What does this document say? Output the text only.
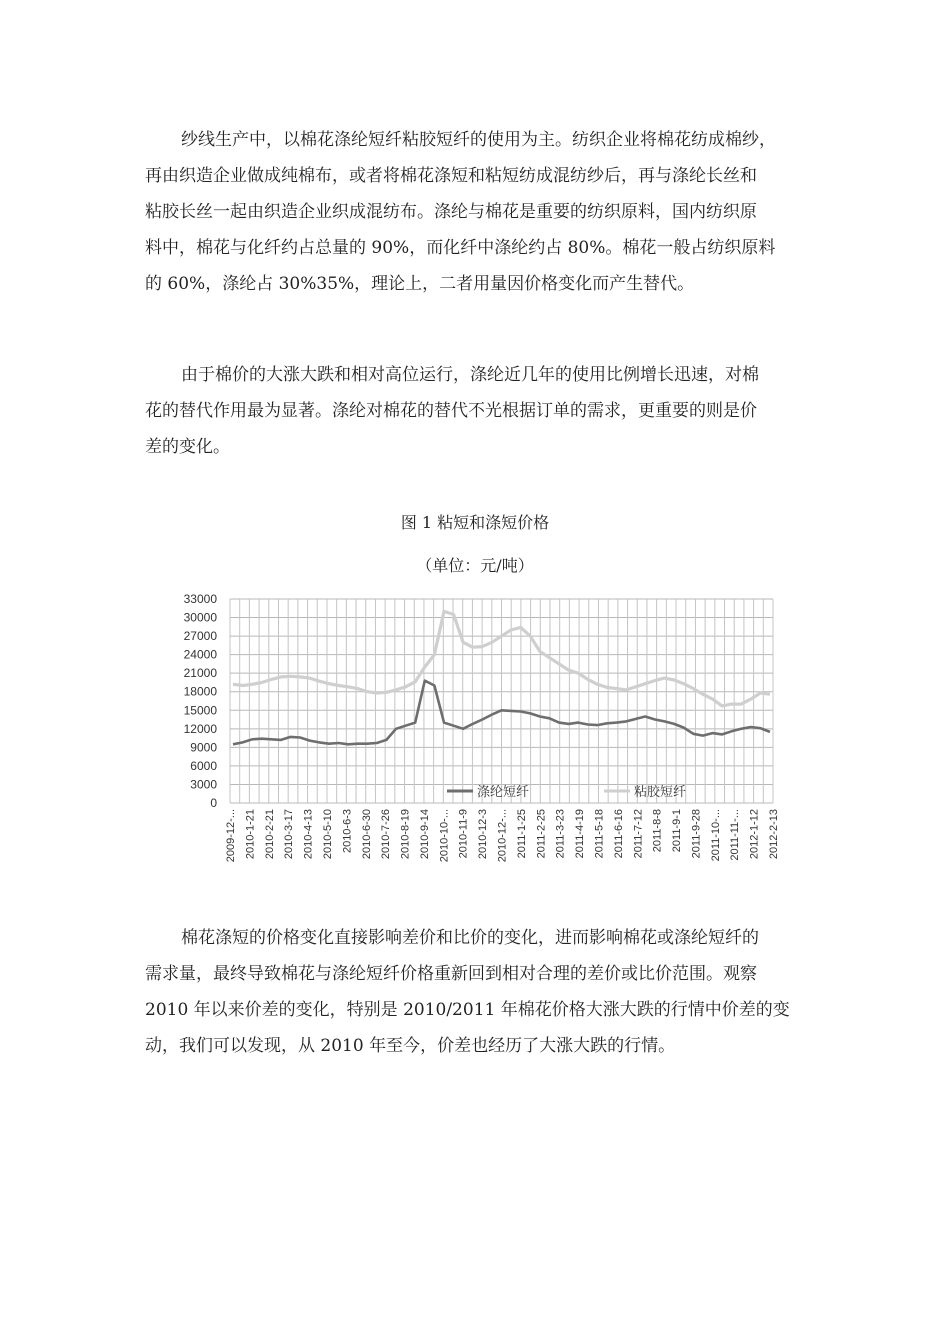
纱线生产中，以棉花涤纶短纤粘胶短纤的使用为主。纺织企业将棉花纺成棉纱，
再由织造企业做成纯棉布，或者将棉花涤短和粘短纺成混纺纱后，再与涤纶长丝和
粘胶长丝一起由织造企业织成混纺布。涤纶与棉花是重要的纺织原料，国内纺织原
料中，棉花与化纤约占总量的 90%，而化纤中涤纶约占 80%。棉花一般占纺织原料
的 60%，涤纶占 30%35%，理论上，二者用量因价格变化而产生替代。
由于棉价的大涨大跌和相对高位运行，涤纶近几年的使用比例增长迅速，对棉
花的替代作用最为显著。涤纶对棉花的替代不光根据订单的需求，更重要的则是价
差的变化。
图 1 粘短和涤短价格
（单位：元/吨）
0
3000
6000
9000
12000
15000
18000
21000
24000
27000
30000
33000
2009-12-... 2010-1-21 2010-2-21 2010-3-17 2010-4-13 2010-5-10 2010-6-3 2010-6-30 2010-7-26 2010-8-19 2010-9-14 2010-10-... 2010-11-9 2010-12-3 2010-12-... 2011-1-25 2011-2-25 2011-3-23 2011-4-19 2011-5-18 2011-6-16 2011-7-12 2011-8-8 2011-9-1 2011-9-28 2011-10-... 2011-11-... 2012-1-12 2012-2-13
涤纶短纤	粘胶短纤
棉花涤短的价格变化直接影响差价和比价的变化，进而影响棉花或涤纶短纤的
需求量，最终导致棉花与涤纶短纤价格重新回到相对合理的差价或比价范围。观察
2010 年以来价差的变化，特别是 2010/2011 年棉花价格大涨大跌的行情中价差的变
动，我们可以发现，从 2010 年至今，价差也经历了大涨大跌的行情。
